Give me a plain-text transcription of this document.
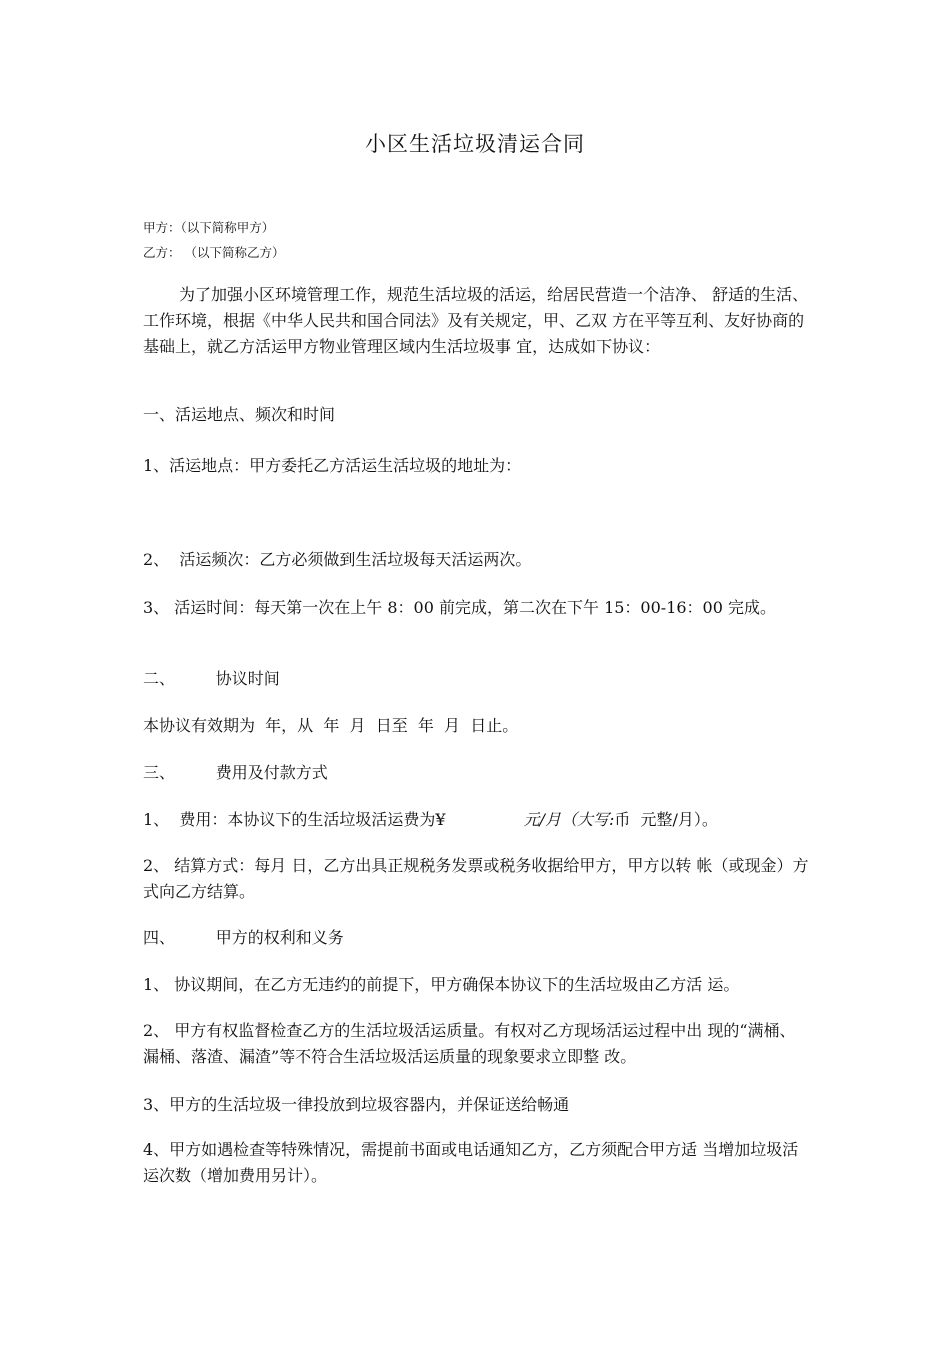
小区生活垃圾清运合同
甲方：（以下简称甲方）
乙方： （以下简称乙方）
为了加强小区环境管理工作，规范生活垃圾的活运，给居民营造一个洁净、 舒适的生活、工作环境，根据《中华人民共和国合同法》及有关规定，甲、乙双 方在平等互利、友好协商的基础上，就乙方活运甲方物业管理区域内生活垃圾事 宜，达成如下协议：
一、活运地点、频次和时间
1、活运地点：甲方委托乙方活运生活垃圾的地址为：
2、  活运频次：乙方必须做到生活垃圾每天活运两次。
3、 活运时间：每天第一次在上午 8：00 前完成，第二次在下午 15：00-16：00 完成。
二、        协议时间
本协议有效期为  年，从  年  月  日至  年  月  日止。
三、        费用及付款方式
1、  费用：本协议下的生活垃圾活运费为¥	元/月（大写:币  元整/月）。
2、 结算方式：每月 日，乙方出具正规税务发票或税务收据给甲方，甲方以转 帐（或现金）方式向乙方结算。
四、        甲方的权利和义务
1、 协议期间，在乙方无违约的前提下，甲方确保本协议下的生活垃圾由乙方活 运。
2、 甲方有权监督检查乙方的生活垃圾活运质量。有权对乙方现场活运过程中出 现的“满桶、漏桶、落渣、漏渣”等不符合生活垃圾活运质量的现象要求立即整 改。
3、甲方的生活垃圾一律投放到垃圾容器内，并保证送给畅通
4、甲方如遇检查等特殊情况，需提前书面或电话通知乙方，乙方须配合甲方适 当增加垃圾活运次数（增加费用另计）。
